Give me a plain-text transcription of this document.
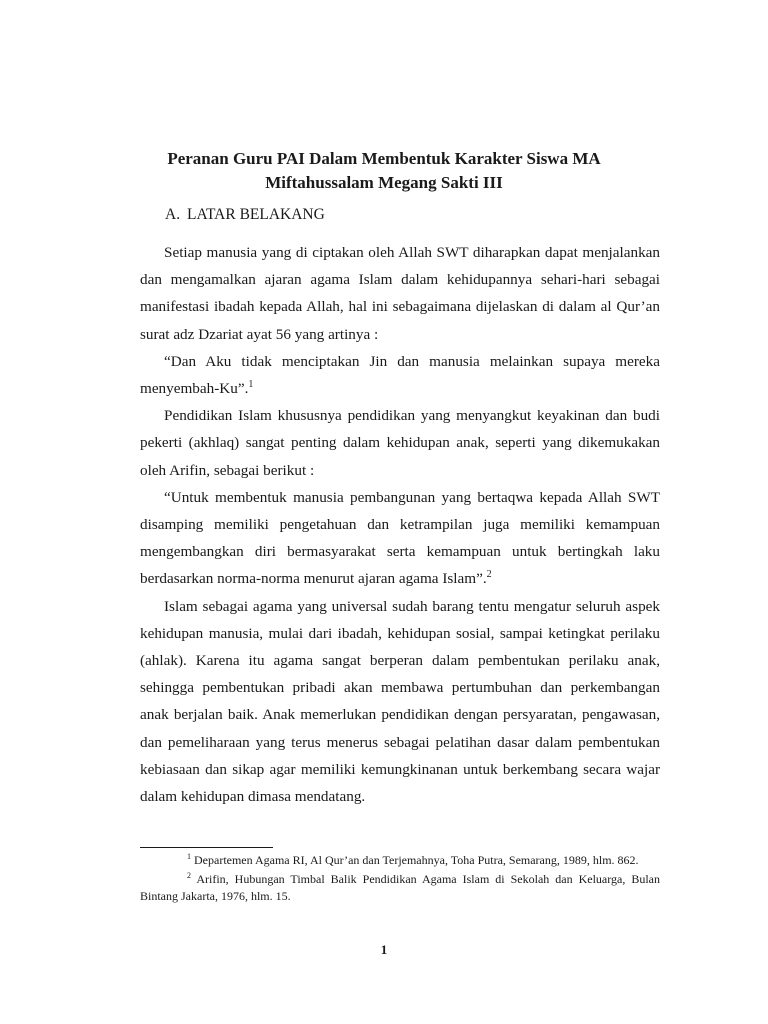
Peranan Guru PAI Dalam Membentuk Karakter Siswa MA
Miftahussalam Megang Sakti III
A. LATAR BELAKANG

Setiap manusia yang di ciptakan oleh Allah SWT diharapkan dapat menjalankan dan mengamalkan ajaran agama Islam dalam kehidupannya sehari-hari sebagai manifestasi ibadah kepada Allah, hal ini sebagaimana dijelaskan di dalam al Qur’an surat adz Dzariat ayat 56 yang artinya :

“Dan Aku tidak menciptakan Jin dan manusia melainkan supaya mereka menyembah-Ku”.$^1$

Pendidikan Islam khususnya pendidikan yang menyangkut keyakinan dan budi pekerti (akhlaq) sangat penting dalam kehidupan anak, seperti yang dikemukakan oleh Arifin, sebagai berikut :

“Untuk membentuk manusia pembangunan yang bertaqwa kepada Allah SWT disamping memiliki pengetahuan dan ketrampilan juga memiliki kemampuan mengembangkan diri bermasyarakat serta kemampuan untuk bertingkah laku berdasarkan norma-norma menurut ajaran agama Islam”.$^2$

Islam sebagai agama yang universal sudah barang tentu mengatur seluruh aspek kehidupan manusia, mulai dari ibadah, kehidupan sosial, sampai ketingkat perilaku (ahlak). Karena itu agama sangat berperan dalam pembentukan perilaku anak, sehingga pembentukan pribadi akan membawa pertumbuhan dan perkembangan anak berjalan baik. Anak memerlukan pendidikan dengan persyaratan, pengawasan, dan pemeliharaan yang terus menerus sebagai pelatihan dasar dalam pembentukan kebiasaan dan sikap agar memiliki kemungkinanan untuk berkembang secara wajar dalam kehidupan dimasa mendatang.

$^1$ Departemen Agama RI, Al Qur’an dan Terjemahnya, Toha Putra, Semarang, 1989, hlm. 862.

$^2$ Arifin, Hubungan Timbal Balik Pendidikan Agama Islam di Sekolah dan Keluarga, Bulan Bintang Jakarta, 1976, hlm. 15.

1
